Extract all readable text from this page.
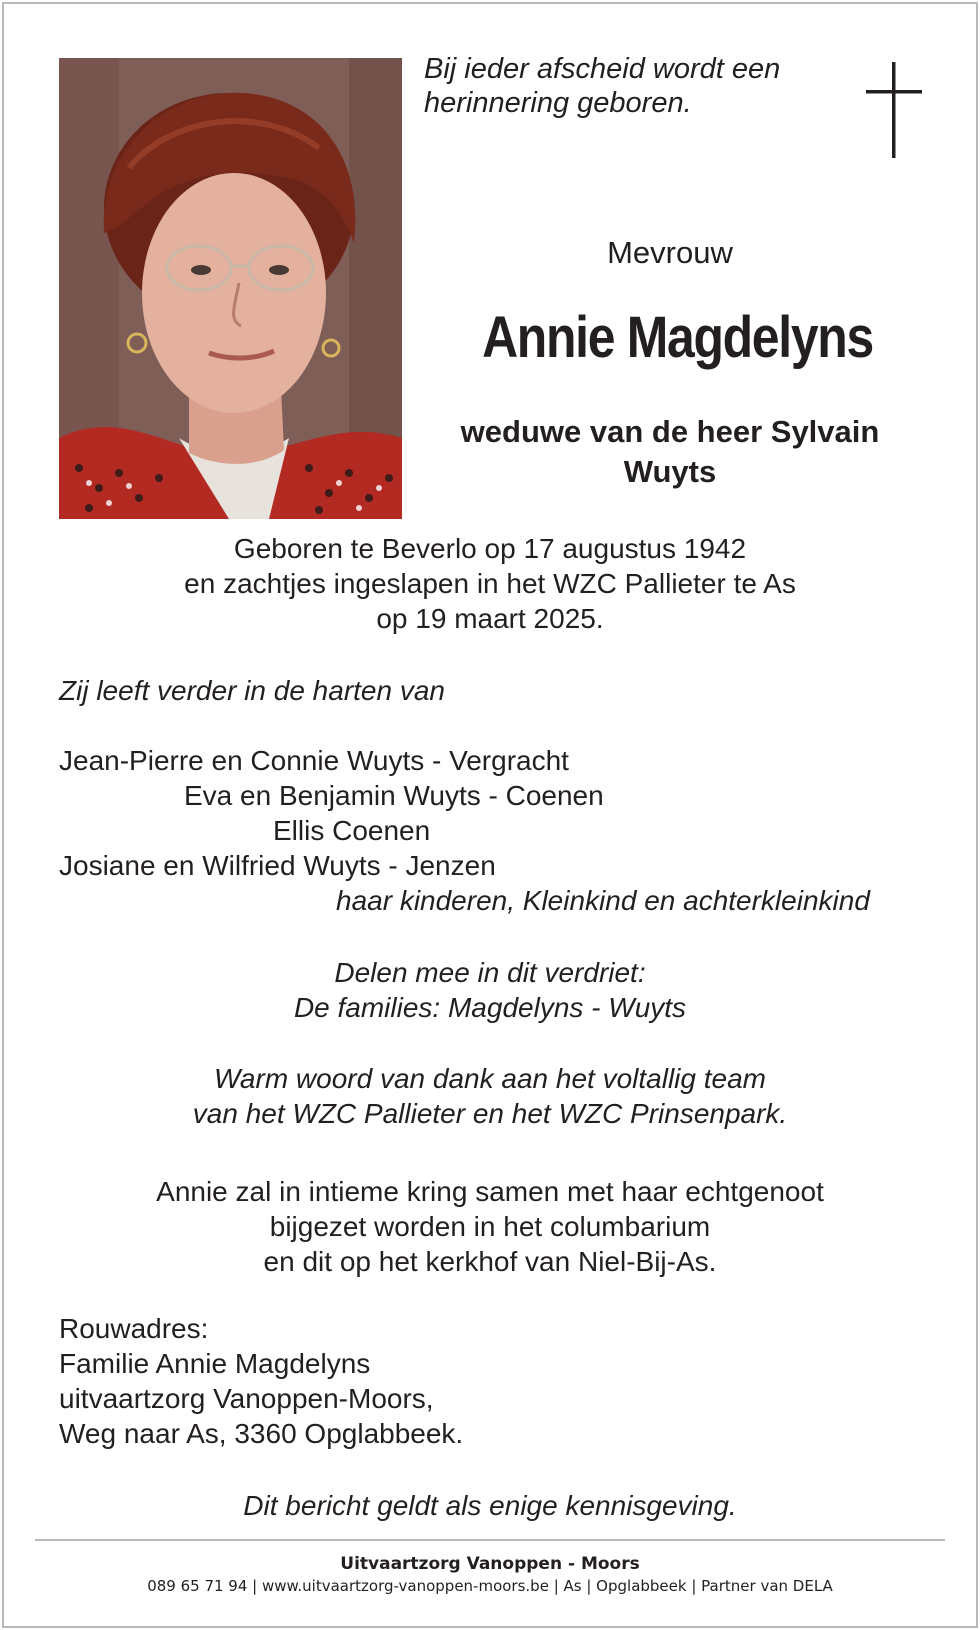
Bij ieder afscheid wordt een
herinnering geboren.
Mevrouw
Annie Magdelyns
weduwe van de heer Sylvain
Wuyts
Geboren te Beverlo op 17 augustus 1942
en zachtjes ingeslapen in het WZC Pallieter te As
op 19 maart 2025.
Zij leeft verder in de harten van
Jean-Pierre en Connie Wuyts - Vergracht
Eva en Benjamin Wuyts - Coenen
Ellis Coenen
Josiane en Wilfried Wuyts - Jenzen
haar kinderen, Kleinkind en achterkleinkind
Delen mee in dit verdriet:
De families: Magdelyns - Wuyts
Warm woord van dank aan het voltallig team
van het WZC Pallieter en het WZC Prinsenpark.
Annie zal in intieme kring samen met haar echtgenoot
bijgezet worden in het columbarium
en dit op het kerkhof van Niel-Bij-As.
Rouwadres:
Familie Annie Magdelyns
uitvaartzorg Vanoppen-Moors,
Weg naar As, 3360 Opglabbeek.
Dit bericht geldt als enige kennisgeving.
Uitvaartzorg Vanoppen - Moors
089 65 71 94 | www.uitvaartzorg-vanoppen-moors.be | As | Opglabbeek | Partner van DELA
